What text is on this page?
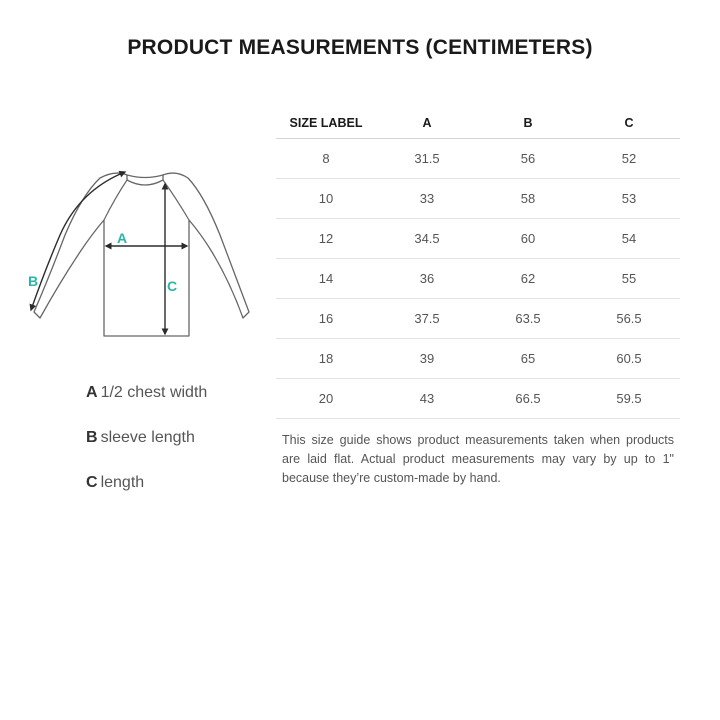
PRODUCT MEASUREMENTS (CENTIMETERS)
A
B	C
A 1/2 chest width
B sleeve length
C length
SIZE LABEL	A	B	C
8	31.5	56	52
10	33	58	53
12	34.5	60	54
14	36	62	55
16	37.5	63.5	56.5
18	39	65	60.5
20	43	66.5	59.5
This size guide shows product measurements taken when products are laid flat. Actual product measurements may vary by up to 1" because they’re custom-made by hand.
